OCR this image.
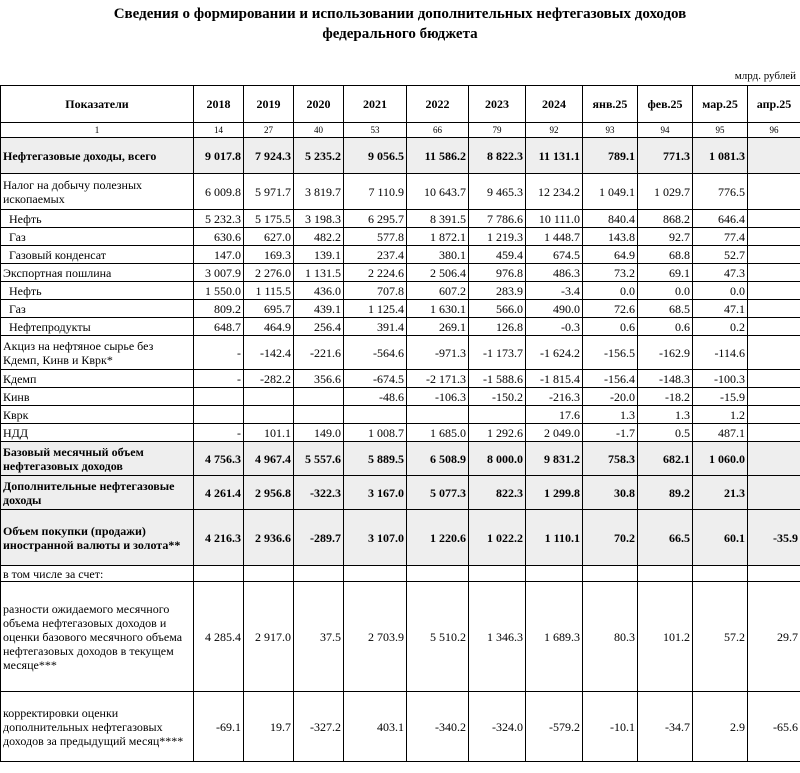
Сведения о формировании и использовании дополнительных нефтегазовых доходов
федерального бюджета
млрд. рублей
Показатели	2018	2019	2020	2021	2022	2023	2024	янв.25	фев.25	мар.25	апр.25
1	14	27	40	53	66	79	92	93	94	95	96
Нефтегазовые доходы, всего	9 017.8	7 924.3	5 235.2	9 056.5	11 586.2	8 822.3	11 131.1	789.1	771.3	1 081.3	
Налог на добычу полезных ископаемых	6 009.8	5 971.7	3 819.7	7 110.9	10 643.7	9 465.3	12 234.2	1 049.1	1 029.7	776.5	
Нефть	5 232.3	5 175.5	3 198.3	6 295.7	8 391.5	7 786.6	10 111.0	840.4	868.2	646.4	
Газ	630.6	627.0	482.2	577.8	1 872.1	1 219.3	1 448.7	143.8	92.7	77.4	
Газовый конденсат	147.0	169.3	139.1	237.4	380.1	459.4	674.5	64.9	68.8	52.7	
Экспортная пошлина	3 007.9	2 276.0	1 131.5	2 224.6	2 506.4	976.8	486.3	73.2	69.1	47.3	
Нефть	1 550.0	1 115.5	436.0	707.8	607.2	283.9	-3.4	0.0	0.0	0.0	
Газ	809.2	695.7	439.1	1 125.4	1 630.1	566.0	490.0	72.6	68.5	47.1	
Нефтепродукты	648.7	464.9	256.4	391.4	269.1	126.8	-0.3	0.6	0.6	0.2	
Акциз на нефтяное сырье без Кдемп, Кинв и Кврк*	-	-142.4	-221.6	-564.6	-971.3	-1 173.7	-1 624.2	-156.5	-162.9	-114.6	
Кдемп	-	-282.2	356.6	-674.5	-2 171.3	-1 588.6	-1 815.4	-156.4	-148.3	-100.3	
Кинв				-48.6	-106.3	-150.2	-216.3	-20.0	-18.2	-15.9	
Кврк							17.6	1.3	1.3	1.2	
НДД	-	101.1	149.0	1 008.7	1 685.0	1 292.6	2 049.0	-1.7	0.5	487.1	
Базовый месячный объем нефтегазовых доходов	4 756.3	4 967.4	5 557.6	5 889.5	6 508.9	8 000.0	9 831.2	758.3	682.1	1 060.0	
Дополнительные нефтегазовые доходы	4 261.4	2 956.8	-322.3	3 167.0	5 077.3	822.3	1 299.8	30.8	89.2	21.3	
Объем покупки (продажи) иностранной валюты и золота**	4 216.3	2 936.6	-289.7	3 107.0	1 220.6	1 022.2	1 110.1	70.2	66.5	60.1	-35.9
в том числе за счет:											
разности ожидаемого месячного объема нефтегазовых доходов и оценки базового месячного объема нефтегазовых доходов в текущем месяце***	4 285.4	2 917.0	37.5	2 703.9	5 510.2	1 346.3	1 689.3	80.3	101.2	57.2	29.7
корректировки оценки дополнительных нефтегазовых доходов за предыдущий месяц****	-69.1	19.7	-327.2	403.1	-340.2	-324.0	-579.2	-10.1	-34.7	2.9	-65.6
